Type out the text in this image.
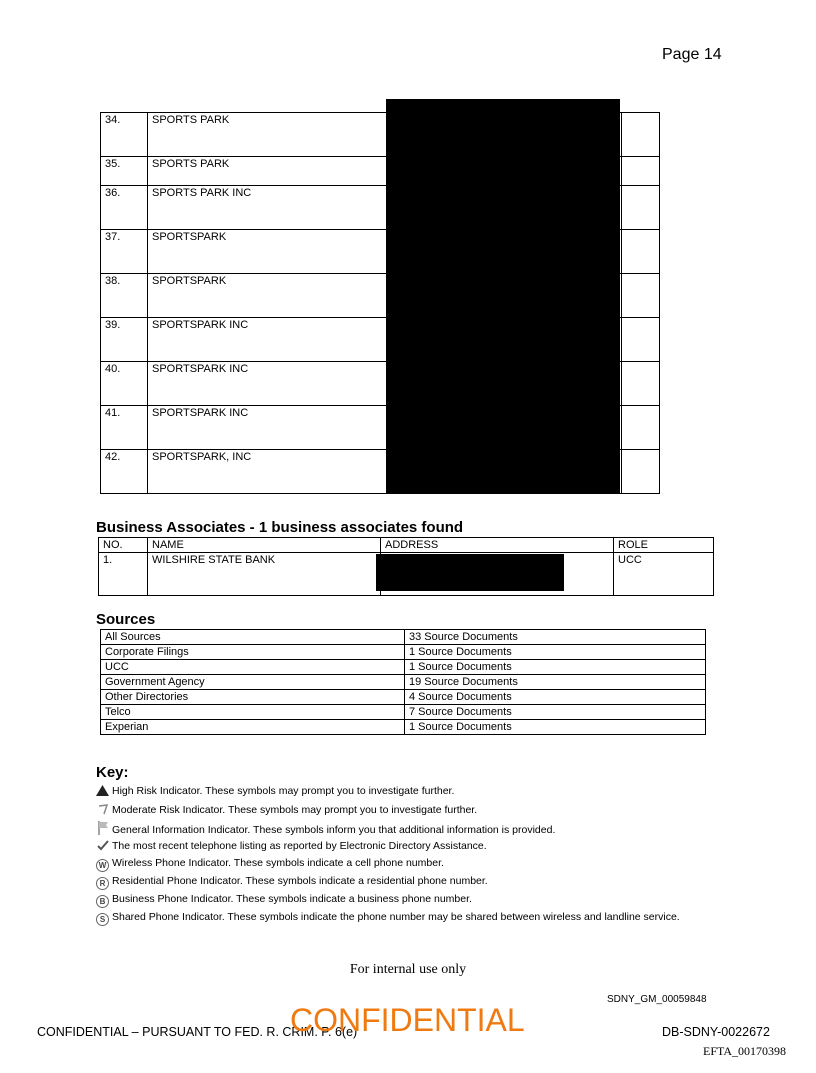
Page 14
34.	SPORTS PARK		
35.	SPORTS PARK		
36.	SPORTS PARK INC		
37.	SPORTSPARK		
38.	SPORTSPARK		
39.	SPORTSPARK INC		
40.	SPORTSPARK INC		
41.	SPORTSPARK INC		
42.	SPORTSPARK, INC		
Business Associates - 1 business associates found
NO.	NAME	ADDRESS	ROLE
1.	WILSHIRE STATE BANK		UCC
Sources
All Sources	33 Source Documents
Corporate Filings	1 Source Documents
UCC	1 Source Documents
Government Agency	19 Source Documents
Other Directories	4 Source Documents
Telco	7 Source Documents
Experian	1 Source Documents
Key:
High Risk Indicator. These symbols may prompt you to investigate further.
Moderate Risk Indicator. These symbols may prompt you to investigate further.
General Information Indicator. These symbols inform you that additional information is provided.
The most recent telephone listing as reported by Electronic Directory Assistance.
W Wireless Phone Indicator. These symbols indicate a cell phone number.
R Residential Phone Indicator. These symbols indicate a residential phone number.
B Business Phone Indicator. These symbols indicate a business phone number.
S Shared Phone Indicator. These symbols indicate the phone number may be shared between wireless and landline service.
For internal use only
SDNY_GM_00059848
CONFIDENTIAL – PURSUANT TO FED. R. CRIM. P. 6(e)
CONFIDENTIAL	DB-SDNY-0022672
EFTA_00170398
